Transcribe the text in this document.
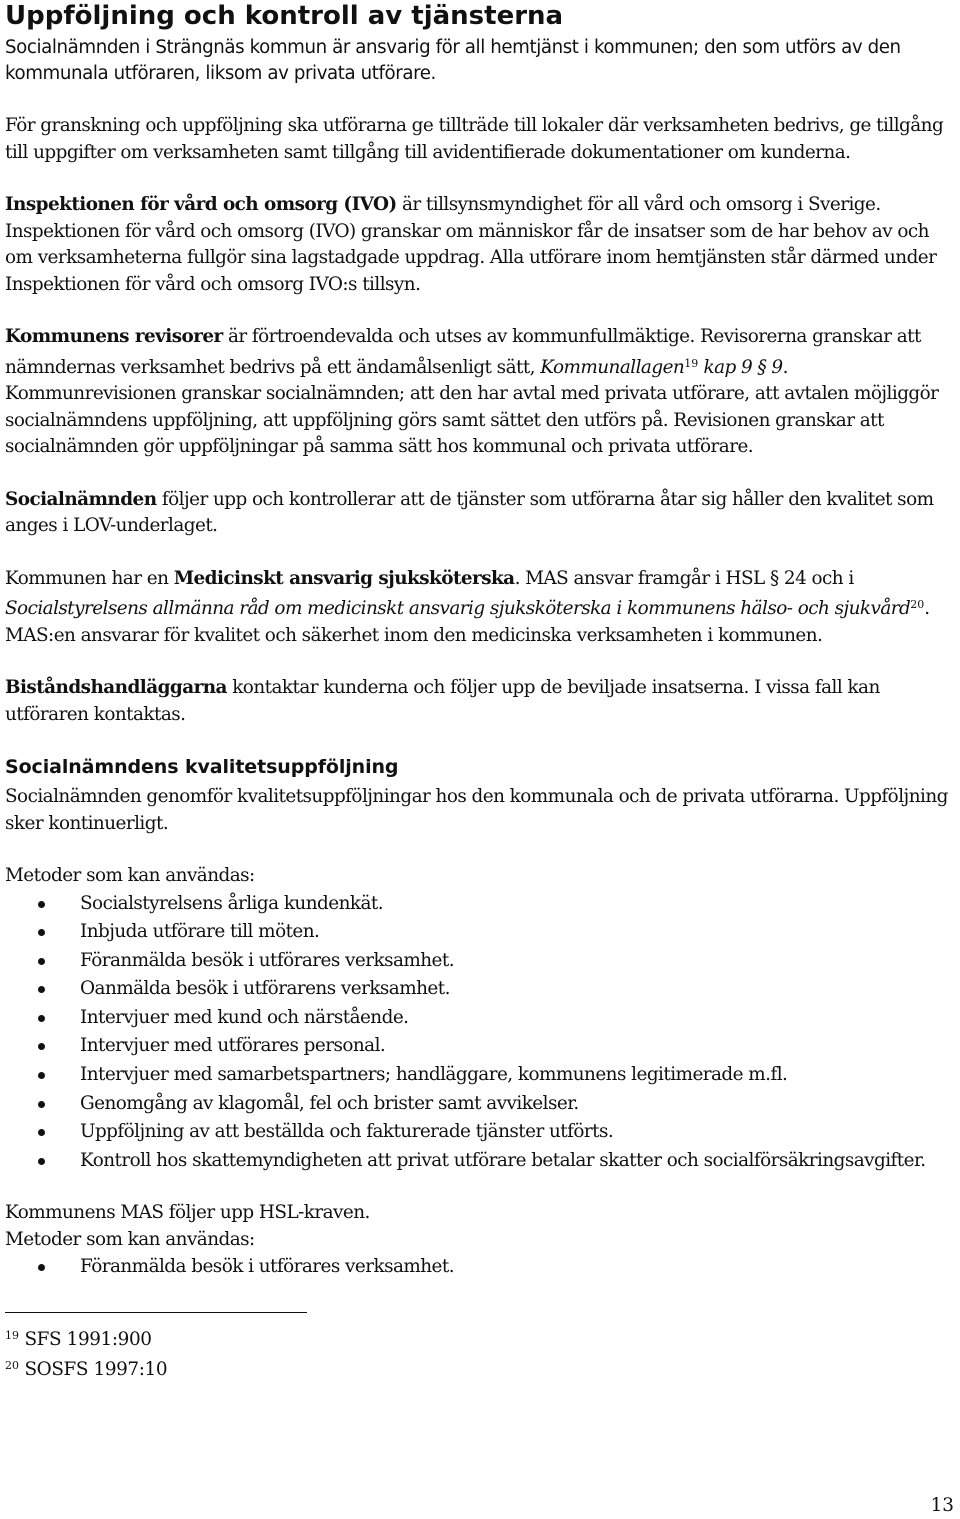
Uppföljning och kontroll av tjänsterna

Socialnämnden i Strängnäs kommun är ansvarig för all hemtjänst i kommunen; den som utförs av den kommunala utföraren, liksom av privata utförare.

För granskning och uppföljning ska utförarna ge tillträde till lokaler där verksamheten bedrivs, ge tillgång till uppgifter om verksamheten samt tillgång till avidentifierade dokumentationer om kunderna.

Inspektionen för vård och omsorg (IVO) är tillsynsmyndighet för all vård och omsorg i Sverige. Inspektionen för vård och omsorg (IVO) granskar om människor får de insatser som de har behov av och om verksamheterna fullgör sina lagstadgade uppdrag. Alla utförare inom hemtjänsten står därmed under Inspektionen för vård och omsorg IVO:s tillsyn.

Kommunens revisorer är förtroendevalda och utses av kommunfullmäktige. Revisorerna granskar att nämndernas verksamhet bedrivs på ett ändamålsenligt sätt, Kommunallagen$^{19}$ kap 9 § 9. Kommunrevisionen granskar socialnämnden; att den har avtal med privata utförare, att avtalen möjliggör socialnämndens uppföljning, att uppföljning görs samt sättet den utförs på. Revisionen granskar att socialnämnden gör uppföljningar på samma sätt hos kommunal och privata utförare.

Socialnämnden följer upp och kontrollerar att de tjänster som utförarna åtar sig håller den kvalitet som anges i LOV-underlaget.

Kommunen har en Medicinskt ansvarig sjuksköterska. MAS ansvar framgår i HSL § 24 och i Socialstyrelsens allmänna råd om medicinskt ansvarig sjuksköterska i kommunens hälso- och sjukvård$^{20}$. MAS:en ansvarar för kvalitet och säkerhet inom den medicinska verksamheten i kommunen.

Biståndshandläggarna kontaktar kunderna och följer upp de beviljade insatserna. I vissa fall kan utföraren kontaktas.

Socialnämndens kvalitetsuppföljning

Socialnämnden genomför kvalitetsuppföljningar hos den kommunala och de privata utförarna. Uppföljning sker kontinuerligt.

Metoder som kan användas:

Socialstyrelsens årliga kundenkät.
Inbjuda utförare till möten.
Föranmälda besök i utförares verksamhet.
Oanmälda besök i utförarens verksamhet.
Intervjuer med kund och närstående.
Intervjuer med utförares personal.
Intervjuer med samarbetspartners; handläggare, kommunens legitimerade m.fl.
Genomgång av klagomål, fel och brister samt avvikelser.
Uppföljning av att beställda och fakturerade tjänster utförts.
Kontroll hos skattemyndigheten att privat utförare betalar skatter och socialförsäkringsavgifter.

Kommunens MAS följer upp HSL-kraven.

Metoder som kan användas:

Föranmälda besök i utförares verksamhet.
$^{19}$ SFS 1991:900
$^{20}$ SOSFS 1997:10
13
